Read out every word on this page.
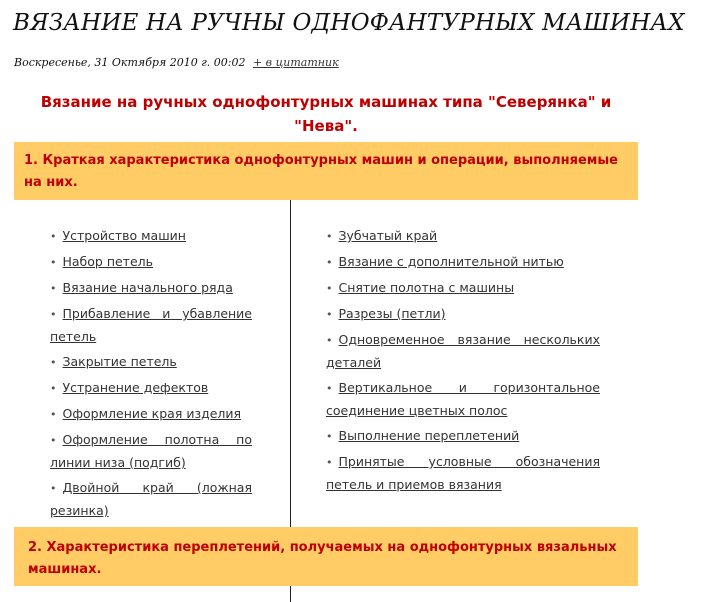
ВЯЗАНИЕ НА РУЧНЫ ОДНОФАНТУРНЫХ МАШИНАХ
Воскресенье, 31 Октября 2010 г. 00:02 + в цитатник
Вязание на ручных однофонтурных машинах типа "Северянка" и "Нева".
1. Краткая характеристика однофонтурных машин и операции, выполняемые на них.
• Устройство машин
• Набор петель
• Вязание начального ряда
• Прибавление и убавление петель
• Закрытие петель
• Устранение дефектов
• Оформление края изделия
• Оформление полотна по линии низа (подгиб)
• Двойной край (ложная резинка)
• Зубчатый край
• Вязание с дополнительной нитью
• Снятие полотна с машины
• Разрезы (петли)
• Одновременное вязание нескольких деталей
• Вертикальное и горизонтальное соединение цветных полос
• Выполнение переплетений
• Принятые условные обозначения петель и приемов вязания
2. Характеристика переплетений, получаемых на однофонтурных вязальных машинах.
